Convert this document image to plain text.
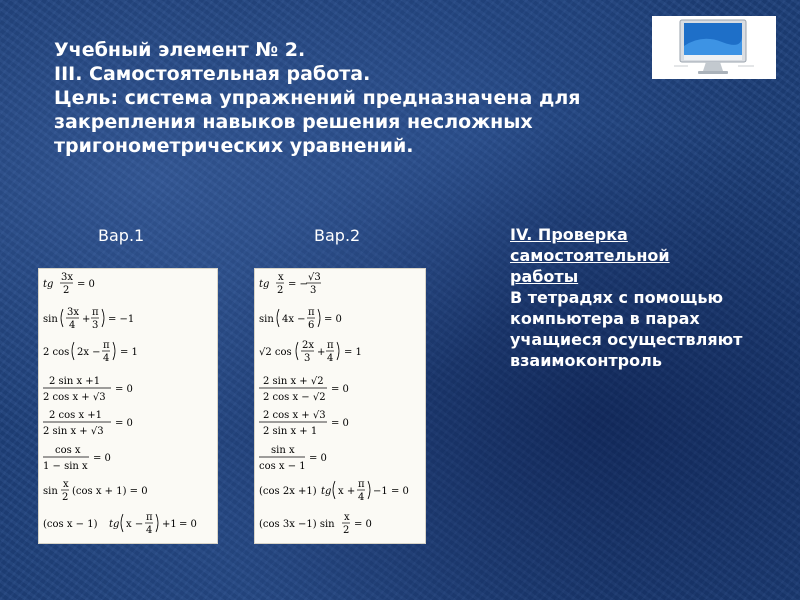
Учебный элемент № 2.
III. Самостоятельная работа.
Цель: система упражнений предназначена для
закрепления навыков решения несложных
тригонометрических уравнений.
Вар.1	Вар.2
tg
3x
2
= 0
sin
3x
4
+
π
3
= −1
2 cos 2x −
π
4
= 1
2 sin x +1
2 cos x + √3
= 0
2 cos x +1
2 sin x + √3
= 0
cos x
1 − sin x
= 0
sin
x
2
(cos x + 1) = 0
(cos x − 1) tg x −
π
4
+1 = 0
tg
x
2
= −
√3
3
sin 4x −
π
6
= 0
√2 cos
2x
3
+
π
4
= 1
2 sin x + √2
2 cos x − √2
= 0
2 cos x + √3
2 sin x + 1
= 0
sin x
cos x − 1
= 0
(cos 2x +1) tg x +
π
4
−1 = 0
(cos 3x −1) sin
x
2
= 0
IV. Проверка
самостоятельной
работы
В тетрадях с помощью
компьютера в парах
учащиеся осуществляют
взаимоконтроль
